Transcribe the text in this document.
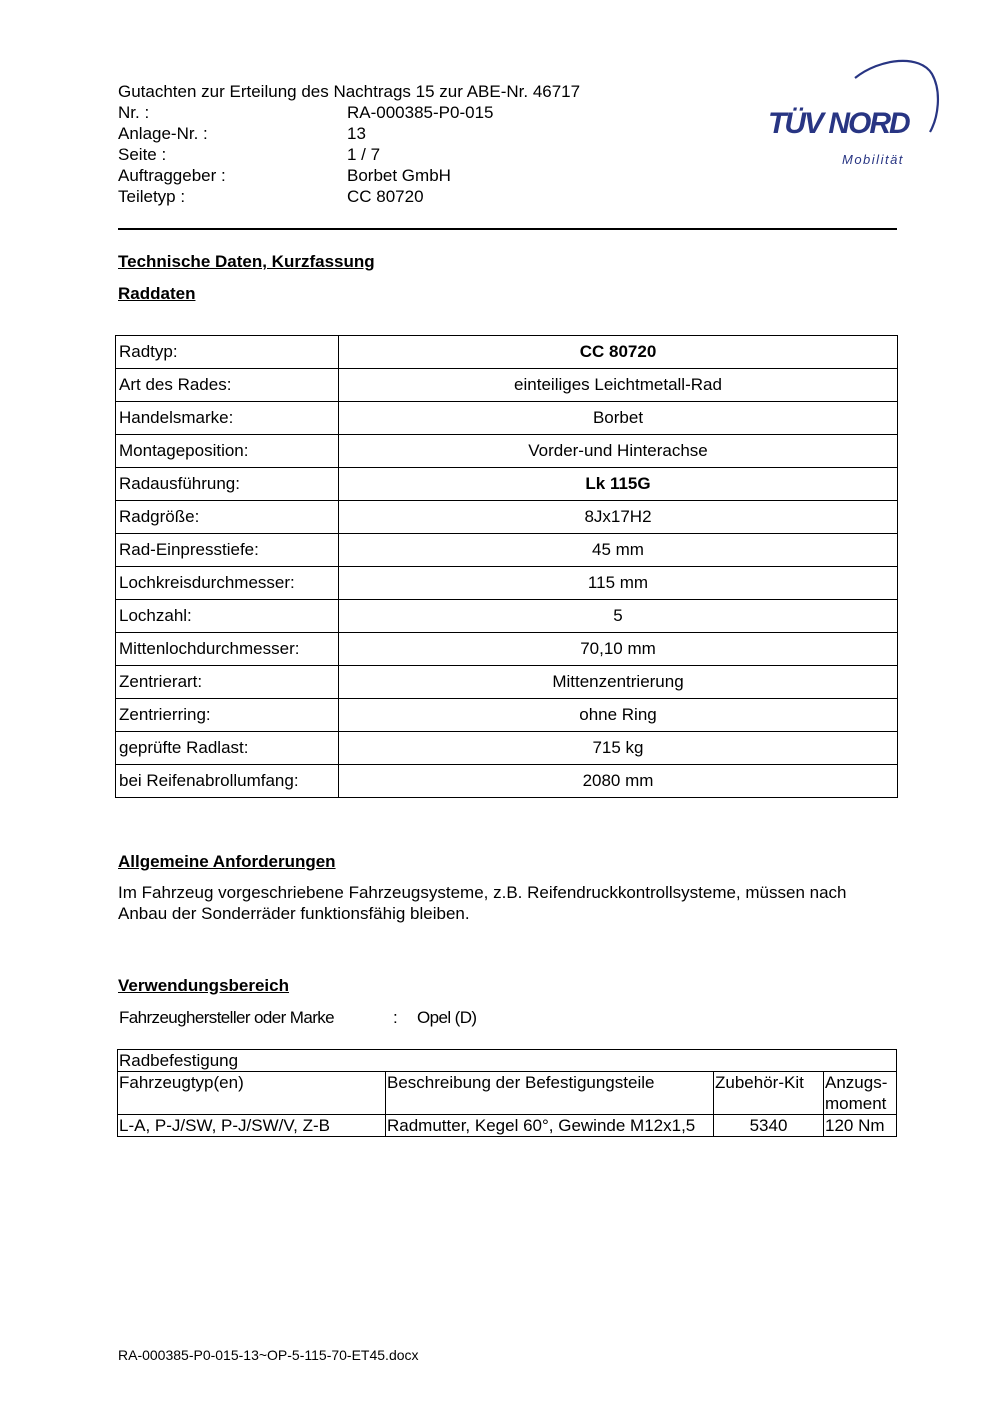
Gutachten zur Erteilung des Nachtrags 15 zur ABE-Nr. 46717
Nr. :	RA-000385-P0-015
Anlage-Nr. :	13
Seite :	1 / 7
Auftraggeber :	Borbet GmbH
Teiletyp :	CC 80720
TÜV NORD
Mobilität
Technische Daten, Kurzfassung
Raddaten
Radtyp:	CC 80720
Art des Rades:	einteiliges Leichtmetall-Rad
Handelsmarke:	Borbet
Montageposition:	Vorder-und Hinterachse
Radausführung:	Lk 115G
Radgröße:	8Jx17H2
Rad-Einpresstiefe:	45 mm
Lochkreisdurchmesser:	115 mm
Lochzahl:	5
Mittenlochdurchmesser:	70,10 mm
Zentrierart:	Mittenzentrierung
Zentrierring:	ohne Ring
geprüfte Radlast:	715 kg
bei Reifenabrollumfang:	2080 mm
Allgemeine Anforderungen
Im Fahrzeug vorgeschriebene Fahrzeugsysteme, z.B. Reifendruckkontrollsysteme, müssen nach Anbau der Sonderräder funktionsfähig bleiben.
Verwendungsbereich
Fahrzeughersteller oder Marke	: Opel (D)
Radbefestigung			
Fahrzeugtyp(en)	Beschreibung der Befestigungsteile	Zubehör-Kit	Anzugs-moment
L-A, P-J/SW, P-J/SW/V, Z-B	Radmutter, Kegel 60°, Gewinde M12x1,5	5340	120 Nm
RA-000385-P0-015-13~OP-5-115-70-ET45.docx
